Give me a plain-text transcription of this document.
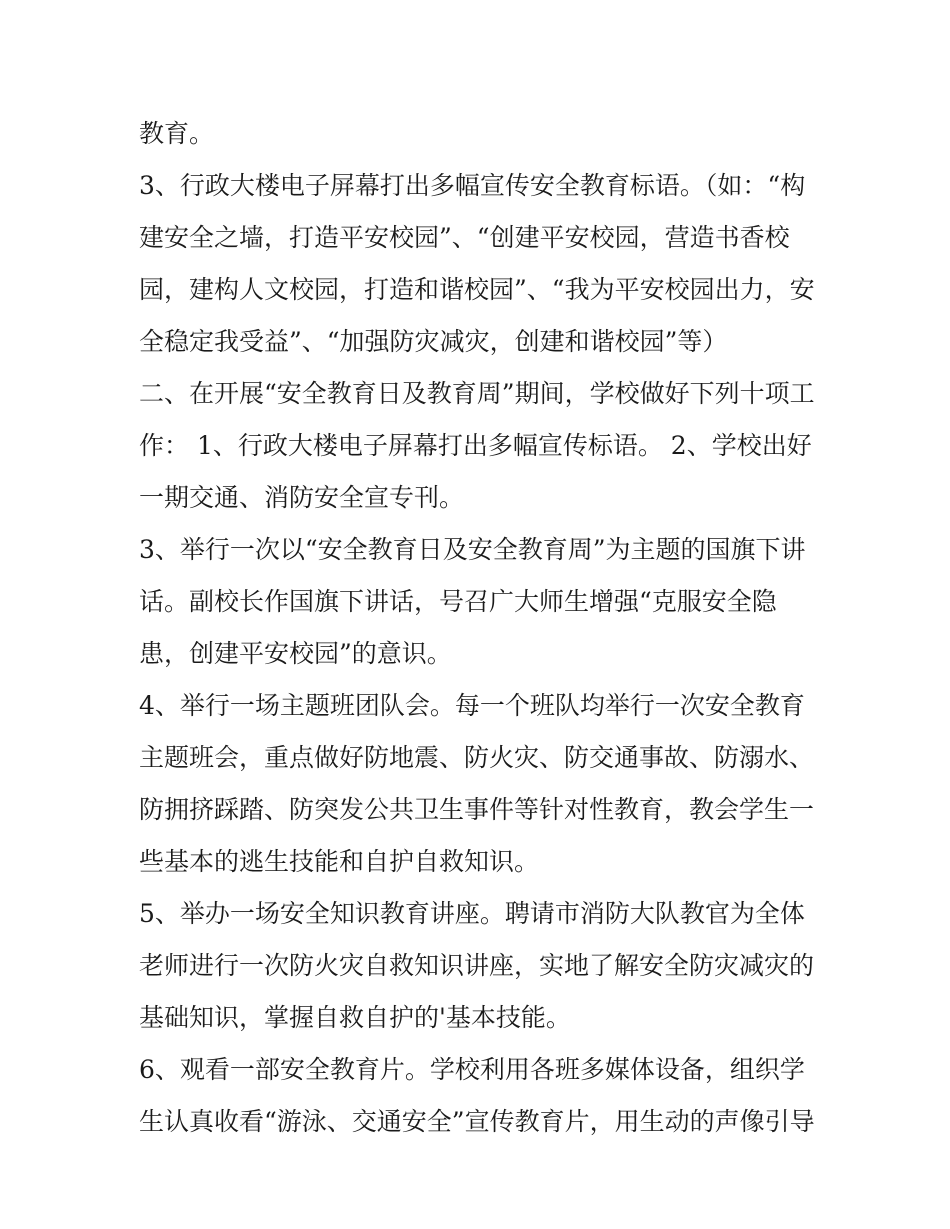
教育。
3、行政大楼电子屏幕打出多幅宣传安全教育标语。（如：“构
建安全之墙，打造平安校园”、“创建平安校园，营造书香校
园，建构人文校园，打造和谐校园”、“我为平安校园出力，安
全稳定我受益”、“加强防灾减灾，创建和谐校园”等）
二、在开展“安全教育日及教育周”期间，学校做好下列十项工
作： 1、行政大楼电子屏幕打出多幅宣传标语。 2、学校出好
一期交通、消防安全宣专刊。
3、举行一次以“安全教育日及安全教育周”为主题的国旗下讲
话。副校长作国旗下讲话，号召广大师生增强“克服安全隐
患，创建平安校园”的意识。
4、举行一场主题班团队会。每一个班队均举行一次安全教育
主题班会，重点做好防地震、防火灾、防交通事故、防溺水、
防拥挤踩踏、防突发公共卫生事件等针对性教育，教会学生一
些基本的逃生技能和自护自救知识。
5、举办一场安全知识教育讲座。聘请市消防大队教官为全体
老师进行一次防火灾自救知识讲座，实地了解安全防灾减灾的
基础知识，掌握自救自护的'基本技能。
6、观看一部安全教育片。学校利用各班多媒体设备，组织学
生认真收看“游泳、交通安全”宣传教育片，用生动的声像引导
